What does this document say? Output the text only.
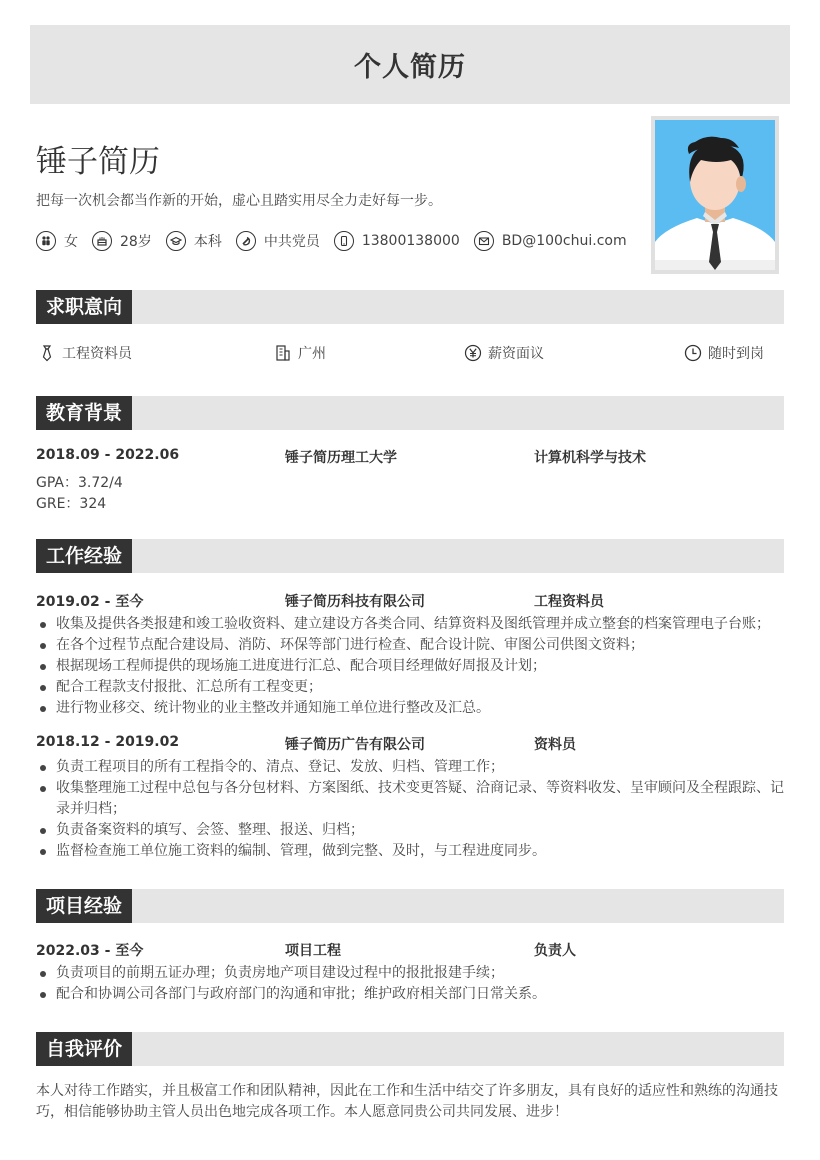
个人简历
锤子简历
把每一次机会都当作新的开始，虚心且踏实用尽全力走好每一步。
女	28岁	本科	中共党员	13800138000	BD@100chui.com
求职意向
工程资料员	广州	薪资面议	随时到岗
教育背景
2018.09 - 2022.06	锤子简历理工大学	计算机科学与技术
GPA：3.72/4
GRE：324
工作经验
2019.02 - 至今	锤子简历科技有限公司	工程资料员
收集及提供各类报建和竣工验收资料、建立建设方各类合同、结算资料及图纸管理并成立整套的档案管理电子台账；
在各个过程节点配合建设局、消防、环保等部门进行检查、配合设计院、审图公司供图文资料；
根据现场工程师提供的现场施工进度进行汇总、配合项目经理做好周报及计划；
配合工程款支付报批、汇总所有工程变更；
进行物业移交、统计物业的业主整改并通知施工单位进行整改及汇总。
2018.12 - 2019.02	锤子简历广告有限公司	资料员
负责工程项目的所有工程指令的、清点、登记、发放、归档、管理工作；
收集整理施工过程中总包与各分包材料、方案图纸、技术变更答疑、洽商记录、等资料收发、呈审顾问及全程跟踪、记录并归档；
负责备案资料的填写、会签、整理、报送、归档；
监督检查施工单位施工资料的编制、管理，做到完整、及时，与工程进度同步。
项目经验
2022.03 - 至今	项目工程	负责人
负责项目的前期五证办理；负责房地产项目建设过程中的报批报建手续；
配合和协调公司各部门与政府部门的沟通和审批；维护政府相关部门日常关系。
自我评价
本人对待工作踏实，并且极富工作和团队精神，因此在工作和生活中结交了许多朋友，具有良好的适应性和熟练的沟通技巧，相信能够协助主管人员出色地完成各项工作。本人愿意同贵公司共同发展、进步！
